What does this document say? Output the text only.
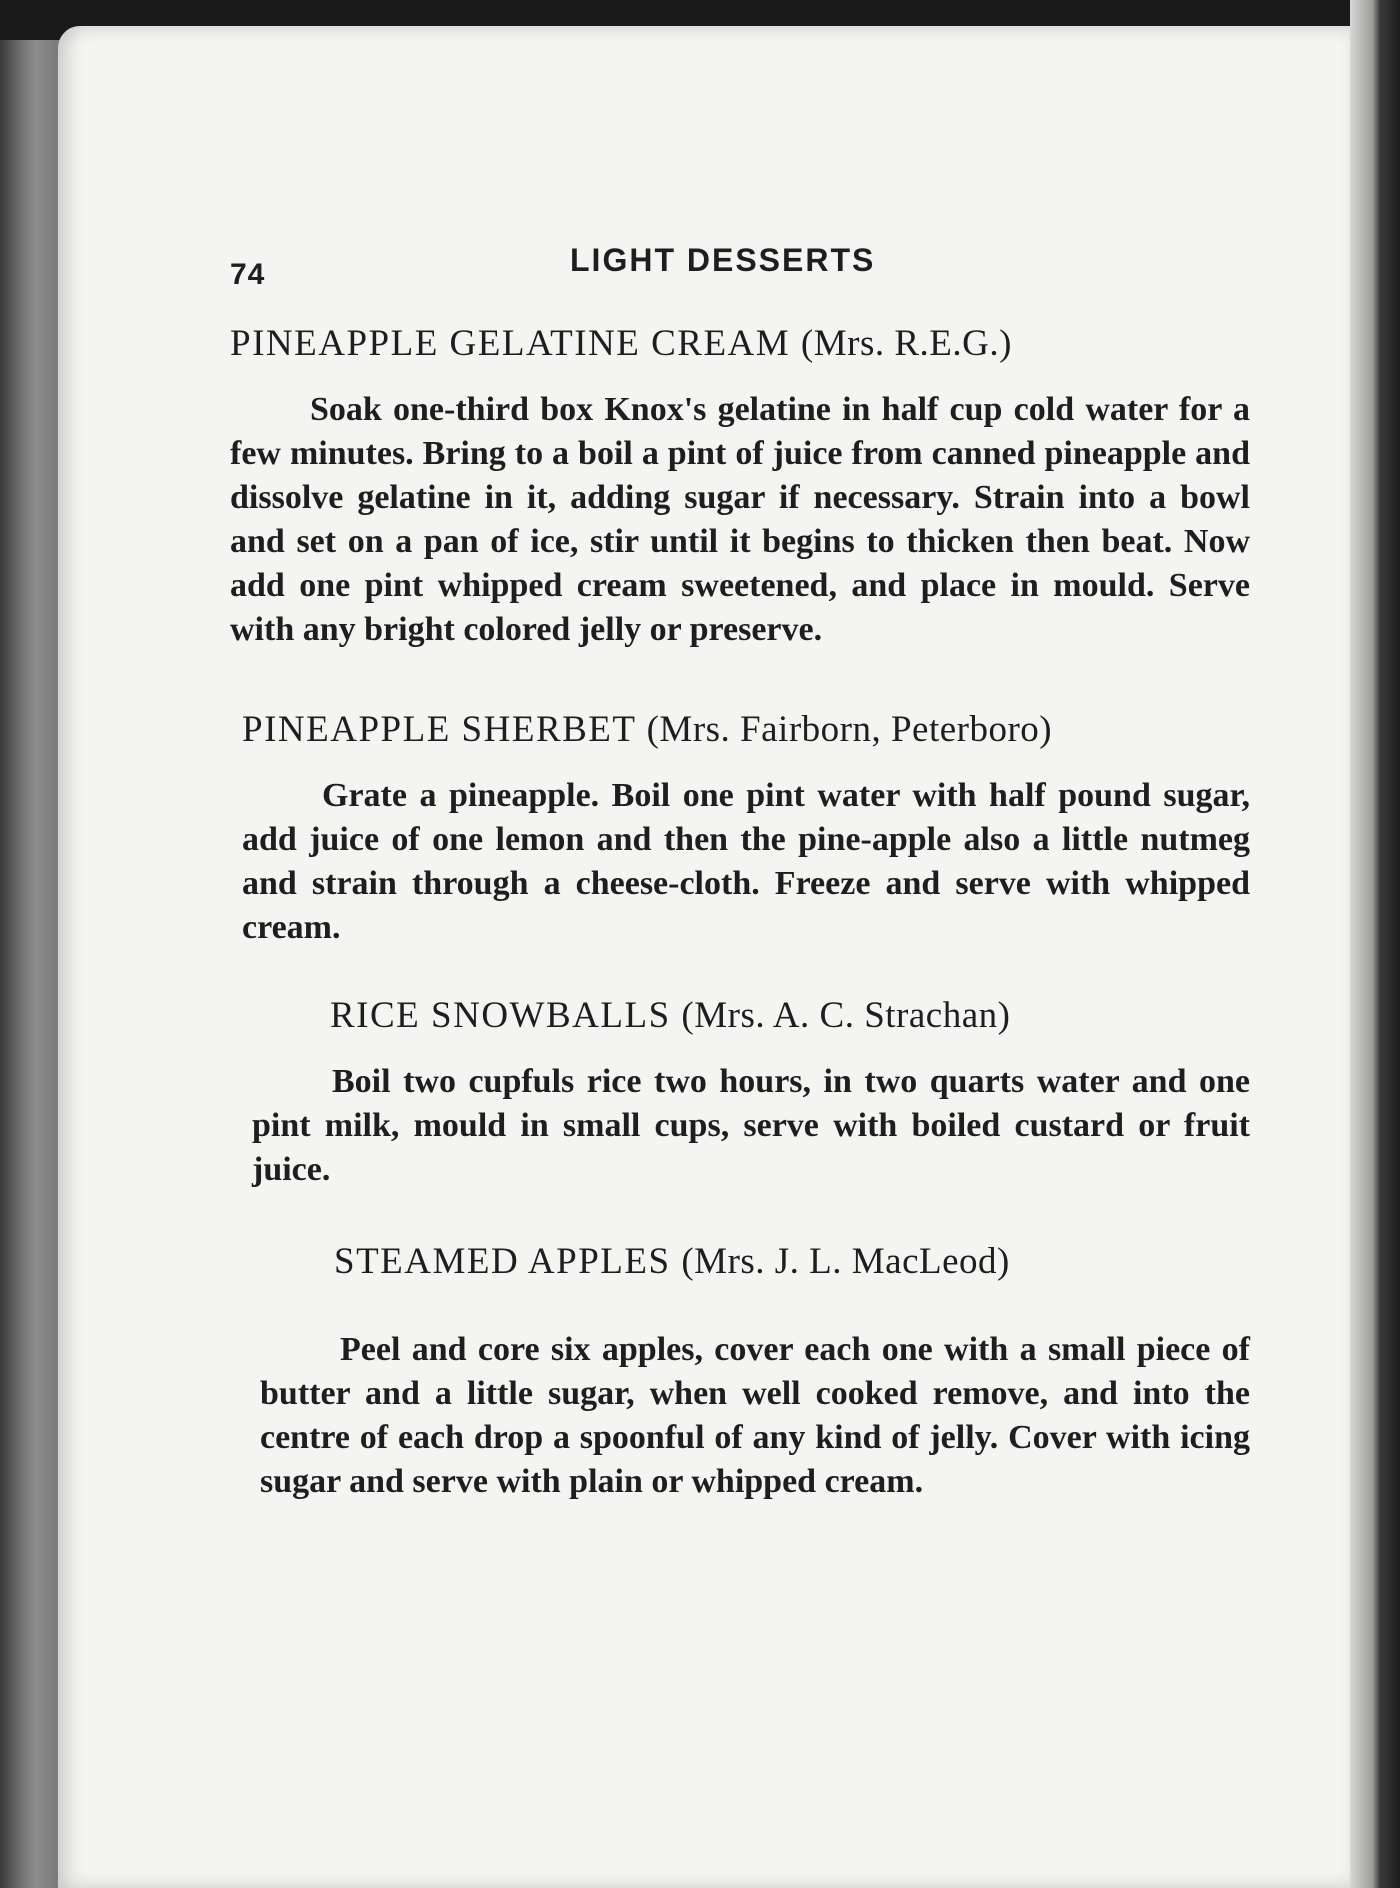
74	LIGHT DESSERTS
PINEAPPLE GELATINE CREAM (Mrs. R.E.G.)

Soak one-third box Knox's gelatine in half cup cold water for a few minutes. Bring to a boil a pint of juice from canned pineapple and dissolve gelatine in it, adding sugar if necessary. Strain into a bowl and set on a pan of ice, stir until it begins to thicken then beat. Now add one pint whipped cream sweetened, and place in mould. Serve with any bright colored jelly or preserve.

PINEAPPLE SHERBET (Mrs. Fairborn, Peterboro)

Grate a pineapple. Boil one pint water with half pound sugar, add juice of one lemon and then the pine-apple also a little nutmeg and strain through a cheese-cloth. Freeze and serve with whipped cream.

RICE SNOWBALLS (Mrs. A. C. Strachan)

Boil two cupfuls rice two hours, in two quarts water and one pint milk, mould in small cups, serve with boiled custard or fruit juice.

STEAMED APPLES (Mrs. J. L. MacLeod)

Peel and core six apples, cover each one with a small piece of butter and a little sugar, when well cooked remove, and into the centre of each drop a spoonful of any kind of jelly. Cover with icing sugar and serve with plain or whipped cream.
